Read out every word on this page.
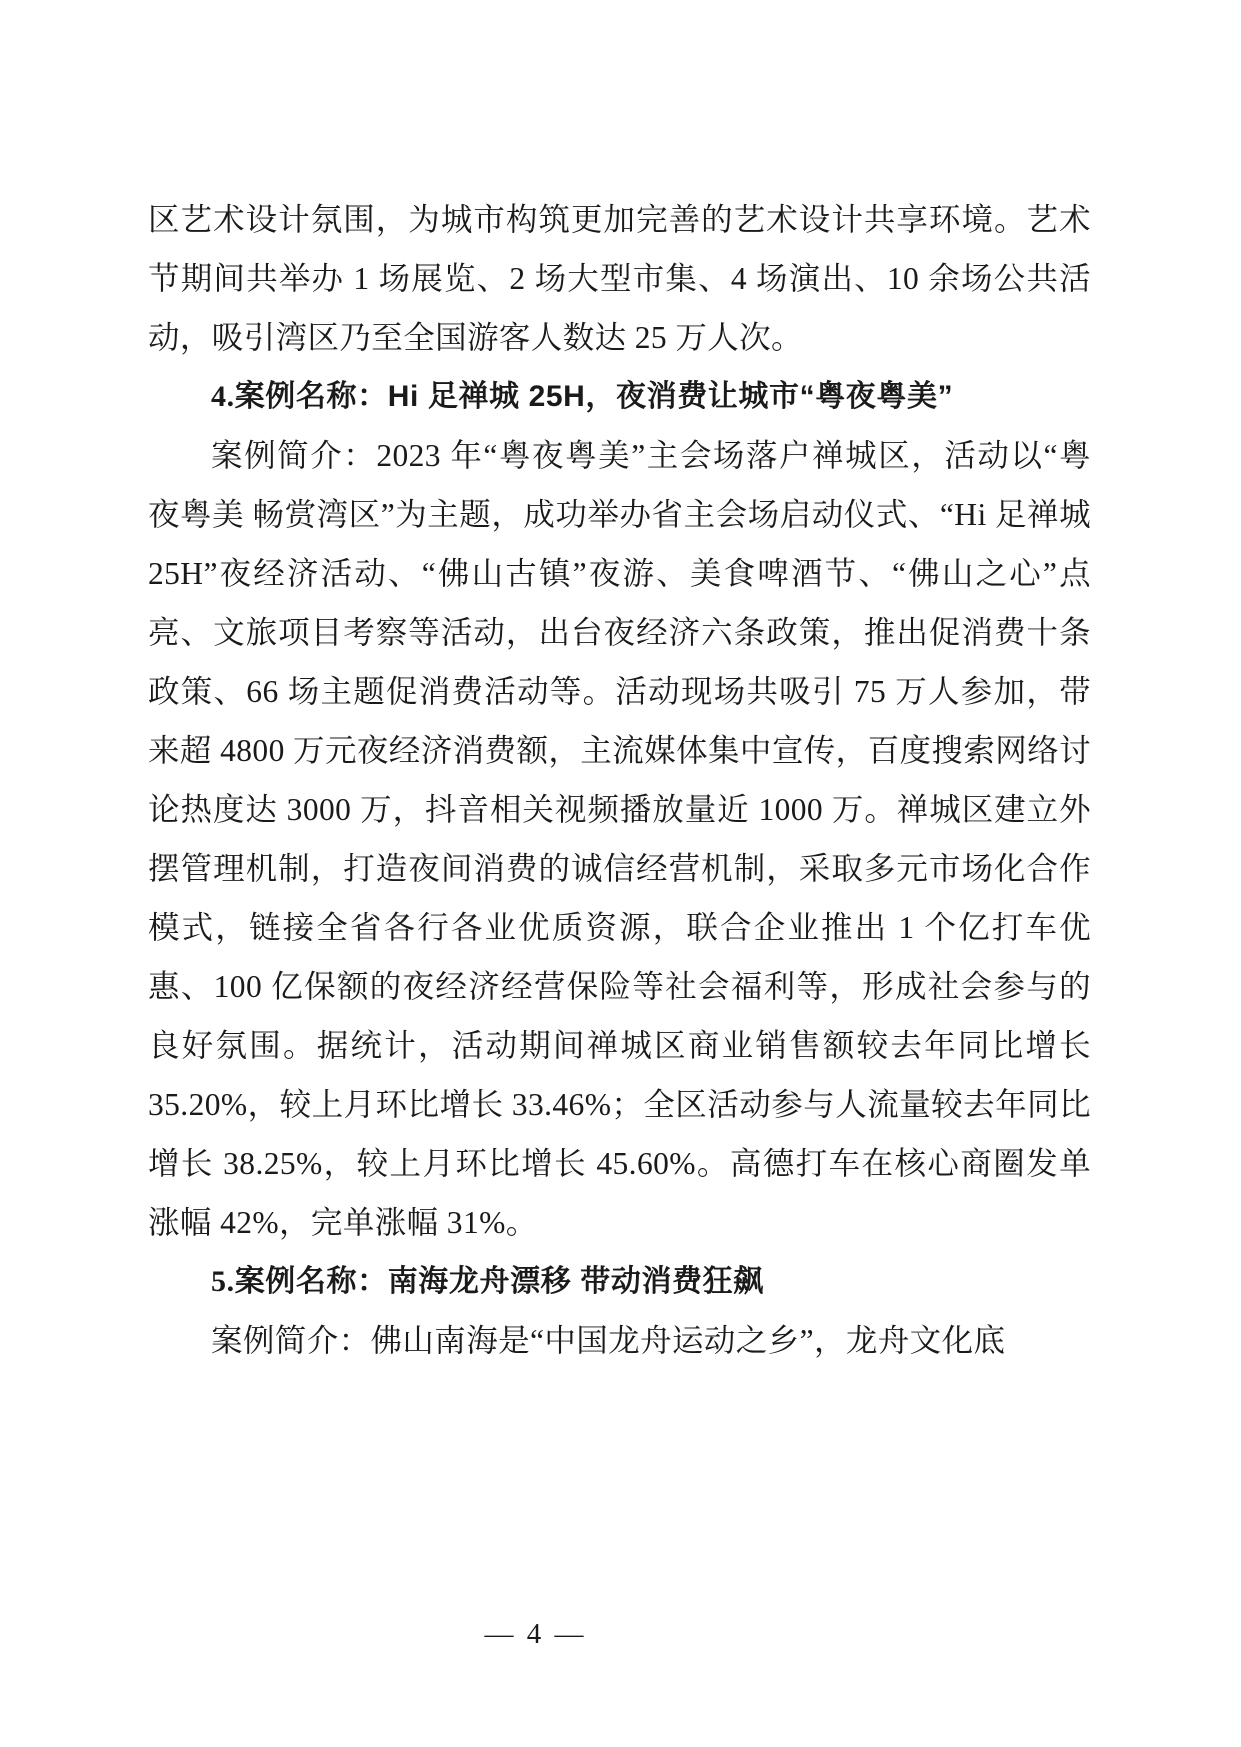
区艺术设计氛围，为城市构筑更加完善的艺术设计共享环境。艺术节期间共举办 1 场展览、2 场大型市集、4 场演出、10 余场公共活动，吸引湾区乃至全国游客人数达 25 万人次。

4.案例名称：Hi 足禅城 25H，夜消费让城市“粤夜粤美”

案例简介：2023 年“粤夜粤美”主会场落户禅城区，活动以“粤夜粤美 畅赏湾区”为主题，成功举办省主会场启动仪式、“Hi 足禅城 25H”夜经济活动、“佛山古镇”夜游、美食啤酒节、“佛山之心”点亮、文旅项目考察等活动，出台夜经济六条政策，推出促消费十条政策、66 场主题促消费活动等。活动现场共吸引 75 万人参加，带来超 4800 万元夜经济消费额，主流媒体集中宣传，百度搜索网络讨论热度达 3000 万，抖音相关视频播放量近 1000 万。禅城区建立外摆管理机制，打造夜间消费的诚信经营机制，采取多元市场化合作模式，链接全省各行各业优质资源，联合企业推出 1 个亿打车优惠、100 亿保额的夜经济经营保险等社会福利等，形成社会参与的良好氛围。据统计，活动期间禅城区商业销售额较去年同比增长 35.20%，较上月环比增长 33.46%；全区活动参与人流量较去年同比增长 38.25%，较上月环比增长 45.60%。高德打车在核心商圈发单涨幅 42%，完单涨幅 31%。

5.案例名称：南海龙舟漂移 带动消费狂飙

案例简介：佛山南海是“中国龙舟运动之乡”，龙舟文化底

— 4 —
